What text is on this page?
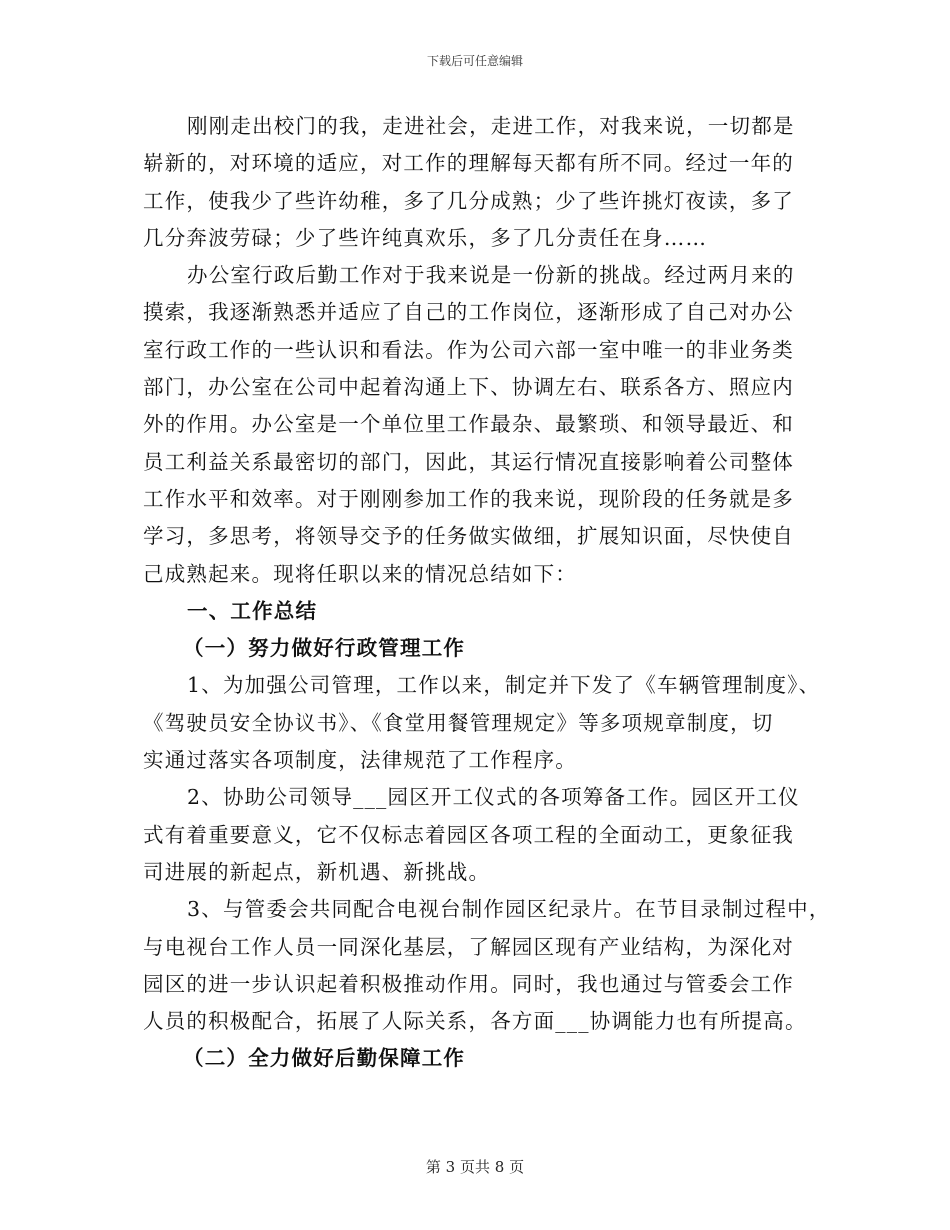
下载后可任意编辑
刚刚走出校门的我，走进社会，走进工作，对我来说，一切都是
崭新的，对环境的适应，对工作的理解每天都有所不同。经过一年的
工作，使我少了些许幼稚，多了几分成熟；少了些许挑灯夜读，多了
几分奔波劳碌；少了些许纯真欢乐，多了几分责任在身……
办公室行政后勤工作对于我来说是一份新的挑战。经过两月来的
摸索，我逐渐熟悉并适应了自己的工作岗位，逐渐形成了自己对办公
室行政工作的一些认识和看法。作为公司六部一室中唯一的非业务类
部门，办公室在公司中起着沟通上下、协调左右、联系各方、照应内
外的作用。办公室是一个单位里工作最杂、最繁琐、和领导最近、和
员工利益关系最密切的部门，因此，其运行情况直接影响着公司整体
工作水平和效率。对于刚刚参加工作的我来说，现阶段的任务就是多
学习，多思考，将领导交予的任务做实做细，扩展知识面，尽快使自
己成熟起来。现将任职以来的情况总结如下：
一、工作总结
（一）努力做好行政管理工作
1、为加强公司管理，工作以来，制定并下发了《车辆管理制度》、
《驾驶员安全协议书》、《食堂用餐管理规定》等多项规章制度，切
实通过落实各项制度，法律规范了工作程序。
2、协助公司领导___园区开工仪式的各项筹备工作。园区开工仪
式有着重要意义，它不仅标志着园区各项工程的全面动工，更象征我
司进展的新起点，新机遇、新挑战。
3、与管委会共同配合电视台制作园区纪录片。在节目录制过程中，
与电视台工作人员一同深化基层，了解园区现有产业结构，为深化对
园区的进一步认识起着积极推动作用。同时，我也通过与管委会工作
人员的积极配合，拓展了人际关系，各方面___协调能力也有所提高。
（二）全力做好后勤保障工作
第 3 页共 8 页
